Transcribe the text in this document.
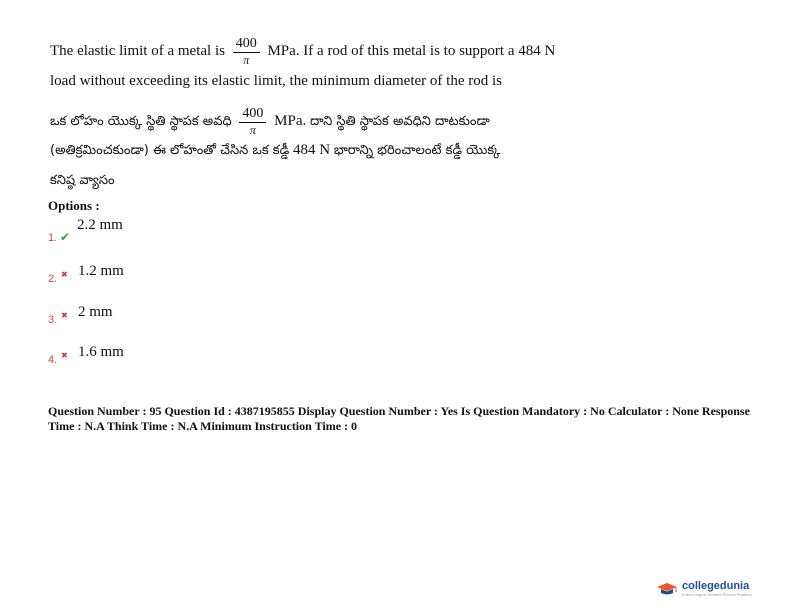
The elastic limit of a metal is $\frac{400}{\pi}$ MPa. If a rod of this metal is to support a 484 N
load without exceeding its elastic limit, the minimum diameter of the rod is
ఒక లోహం యొక్క స్థితి స్థాపక అవధి $\frac{400}{\pi}$ MPa. దాని స్థితి స్థాపక అవధిని దాటకుండా
(అతిక్రమించకుండా) ఈ లోహంతో చేసిన ఒక కడ్డీ 484 N భారాన్ని భరించాలంటే కడ్డీ యొక్క
కనిష్ఠ వ్యాసం
Options :
1. ✔
2.2 mm
2. ✖ 1.2 mm
3. ✖ 2 mm
4. ✖ 1.6 mm
Question Number : 95 Question Id : 4387195855 Display Question Number : Yes Is Question Mandatory : No Calculator : None Response Time : N.A Think Time : N.A Minimum Instruction Time : 0
collegedunia
India's largest Student Review Platform
